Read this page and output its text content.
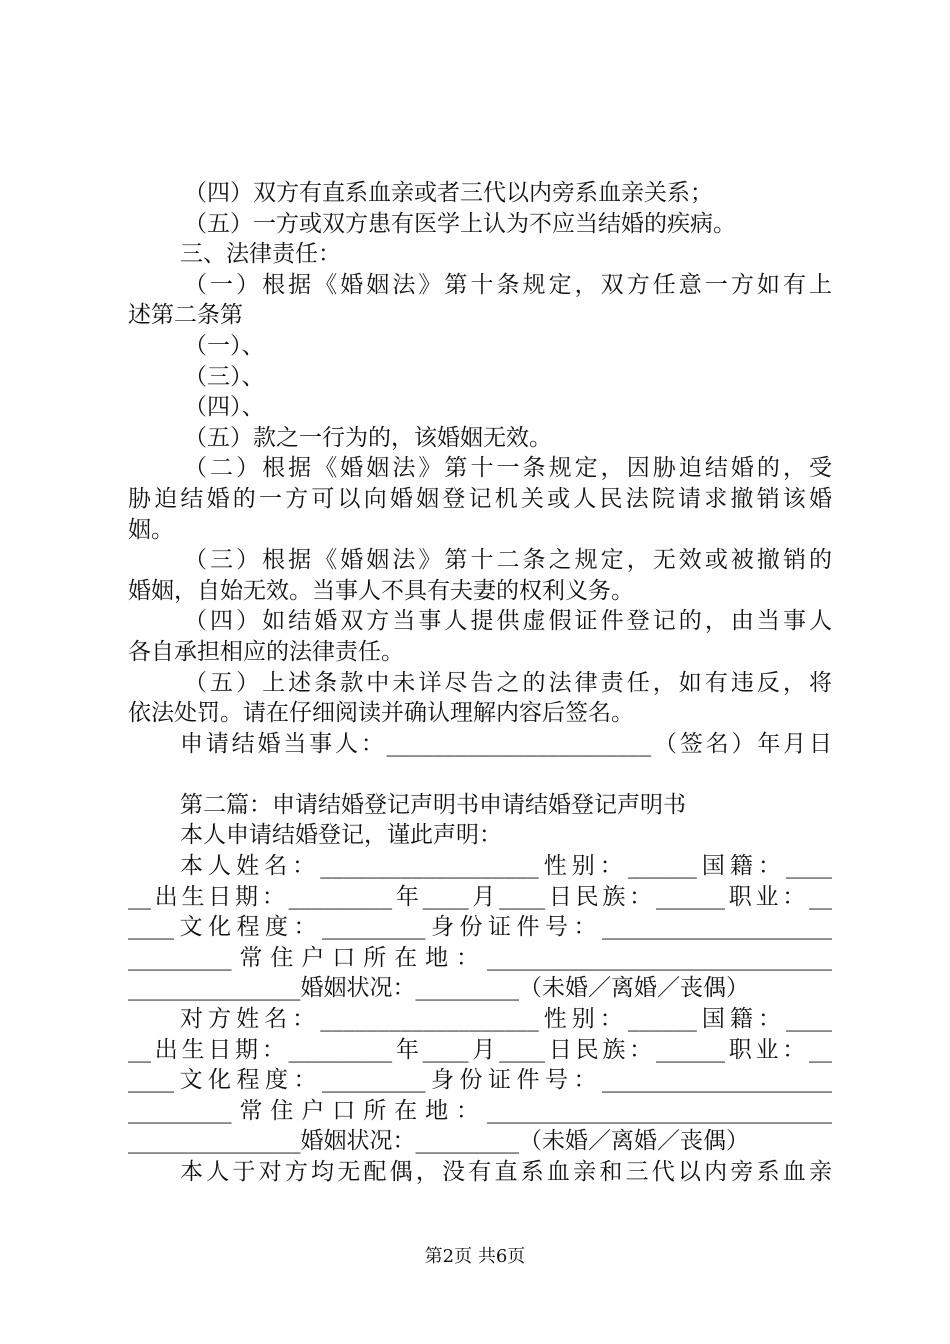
（四）双方有直系血亲或者三代以内旁系血亲关系；
（五）一方或双方患有医学上认为不应当结婚的疾病。
三、法律责任：
（一）根据《婚姻法》第十条规定，双方任意一方如有上
述第二条第
（一）、
（三）、
（四）、
（五）款之一行为的，该婚姻无效。
（二）根据《婚姻法》第十一条规定，因胁迫结婚的，受
胁迫结婚的一方可以向婚姻登记机关或人民法院请求撤销该婚
姻。
（三）根据《婚姻法》第十二条之规定，无效或被撤销的
婚姻，自始无效。当事人不具有夫妻的权利义务。
（四）如结婚双方当事人提供虚假证件登记的，由当事人
各自承担相应的法律责任。
（五）上述条款中未详尽告之的法律责任，如有违反，将
依法处罚。请在仔细阅读并确认理解内容后签名。
申请结婚当事人：_______________________（签名）年月日
第二篇：申请结婚登记声明书申请结婚登记声明书
本人申请结婚登记，谨此声明：
本人姓名：___________________性别：______国籍：____
__出生日期：_________年____月____日民族：______职业：__
____文化程度：_________身份证件号：____________________
_________常住户口所在地：______________________________
_______________婚姻状况：_________（未婚／离婚／丧偶）
对方姓名：___________________性别：______国籍：____
__出生日期：_________年____月____日民族：______职业：__
____文化程度：_________身份证件号：____________________
_________常住户口所在地：______________________________
_______________婚姻状况：_________（未婚／离婚／丧偶）
本人于对方均无配偶，没有直系血亲和三代以内旁系血亲
第2页 共6页
